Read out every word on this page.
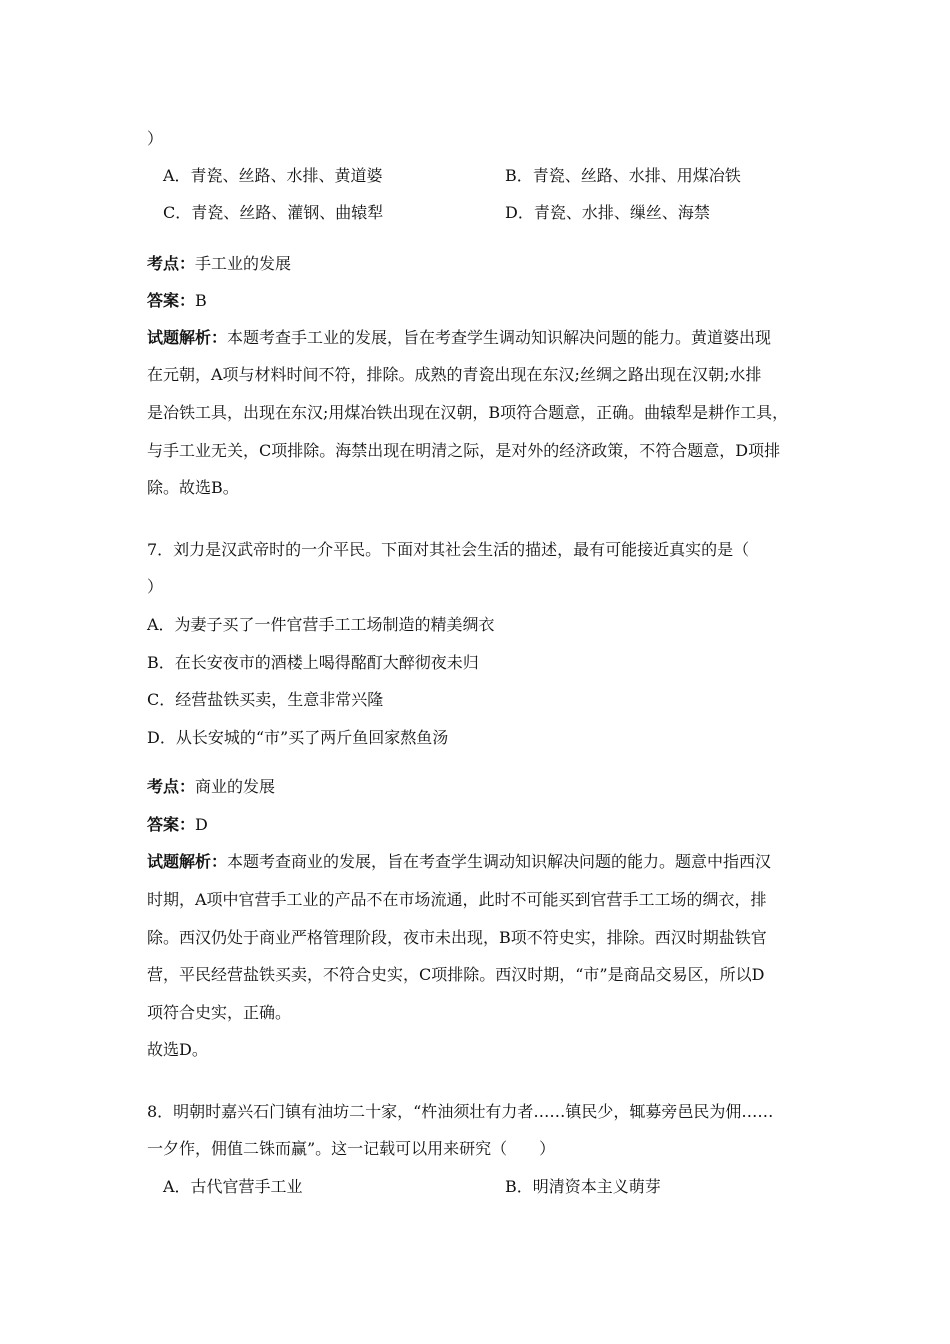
）
A．青瓷、丝路、水排、黄道婆	B．青瓷、丝路、水排、用煤冶铁
C．青瓷、丝路、灌钢、曲辕犁	D．青瓷、水排、缫丝、海禁
考点：手工业的发展
答案：B
试题解析：本题考查手工业的发展，旨在考查学生调动知识解决问题的能力。黄道婆出现
在元朝，A项与材料时间不符，排除。成熟的青瓷出现在东汉;丝绸之路出现在汉朝;水排
是冶铁工具，出现在东汉;用煤冶铁出现在汉朝，B项符合题意，正确。曲辕犁是耕作工具，
与手工业无关，C项排除。海禁出现在明清之际，是对外的经济政策，不符合题意，D项排
除。故选B。
7．刘力是汉武帝时的一介平民。下面对其社会生活的描述，最有可能接近真实的是（
）
A．为妻子买了一件官营手工工场制造的精美绸衣
B．在长安夜市的酒楼上喝得酩酊大醉彻夜未归
C．经营盐铁买卖，生意非常兴隆
D．从长安城的“市”买了两斤鱼回家熬鱼汤
考点：商业的发展
答案：D
试题解析：本题考查商业的发展，旨在考查学生调动知识解决问题的能力。题意中指西汉
时期，A项中官营手工业的产品不在市场流通，此时不可能买到官营手工工场的绸衣，排
除。西汉仍处于商业严格管理阶段，夜市未出现，B项不符史实，排除。西汉时期盐铁官
营，平民经营盐铁买卖，不符合史实，C项排除。西汉时期，“市”是商品交易区，所以D
项符合史实，正确。
故选D。
8．明朝时嘉兴石门镇有油坊二十家，“杵油须壮有力者……镇民少，辄募旁邑民为佣……
一夕作，佣值二铢而赢”。这一记载可以用来研究（　　）
A．古代官营手工业	B．明清资本主义萌芽
